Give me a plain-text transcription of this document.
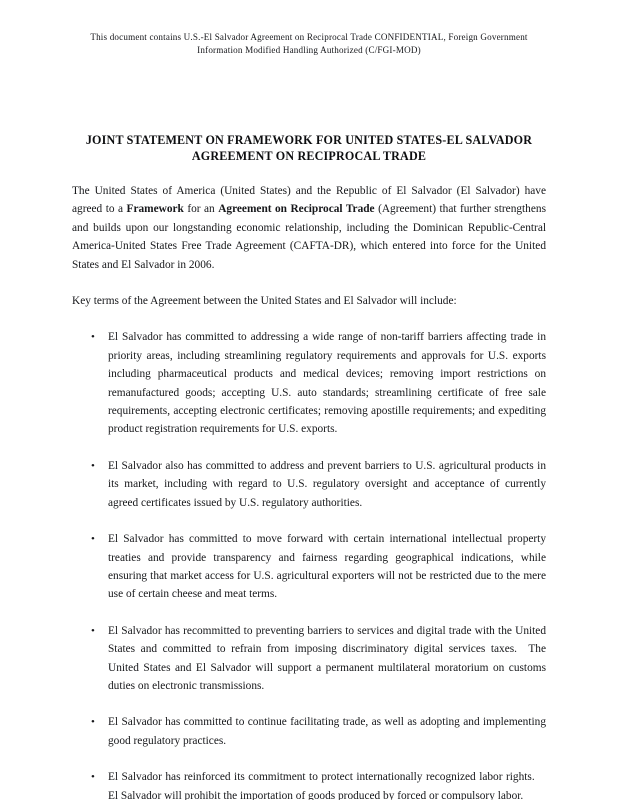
This document contains U.S.-El Salvador Agreement on Reciprocal Trade CONFIDENTIAL, Foreign Government
Information Modified Handling Authorized (C/FGI-MOD)
JOINT STATEMENT ON FRAMEWORK FOR UNITED STATES-EL SALVADOR
AGREEMENT ON RECIPROCAL TRADE

The United States of America (United States) and the Republic of El Salvador (El Salvador) have agreed to a Framework for an Agreement on Reciprocal Trade (Agreement) that further strengthens and builds upon our longstanding economic relationship, including the Dominican Republic-Central America-United States Free Trade Agreement (CAFTA-DR), which entered into force for the United States and El Salvador in 2006.

Key terms of the Agreement between the United States and El Salvador will include:

•	El Salvador has committed to addressing a wide range of non-tariff barriers affecting trade in priority areas, including streamlining regulatory requirements and approvals for U.S. exports including pharmaceutical products and medical devices; removing import restrictions on remanufactured goods; accepting U.S. auto standards; streamlining certificate of free sale requirements, accepting electronic certificates; removing apostille requirements; and expediting product registration requirements for U.S. exports.
•	El Salvador also has committed to address and prevent barriers to U.S. agricultural products in its market, including with regard to U.S. regulatory oversight and acceptance of currently agreed certificates issued by U.S. regulatory authorities.
•	El Salvador has committed to move forward with certain international intellectual property treaties and provide transparency and fairness regarding geographical indications, while ensuring that market access for U.S. agricultural exporters will not be restricted due to the mere use of certain cheese and meat terms.
•	El Salvador has recommitted to preventing barriers to services and digital trade with the United States and committed to refrain from imposing discriminatory digital services taxes. The United States and El Salvador will support a permanent multilateral moratorium on customs duties on electronic transmissions.
•	El Salvador has committed to continue facilitating trade, as well as adopting and implementing good regulatory practices.
•	El Salvador has reinforced its commitment to protect internationally recognized labor rights. El Salvador will prohibit the importation of goods produced by forced or compulsory labor.
